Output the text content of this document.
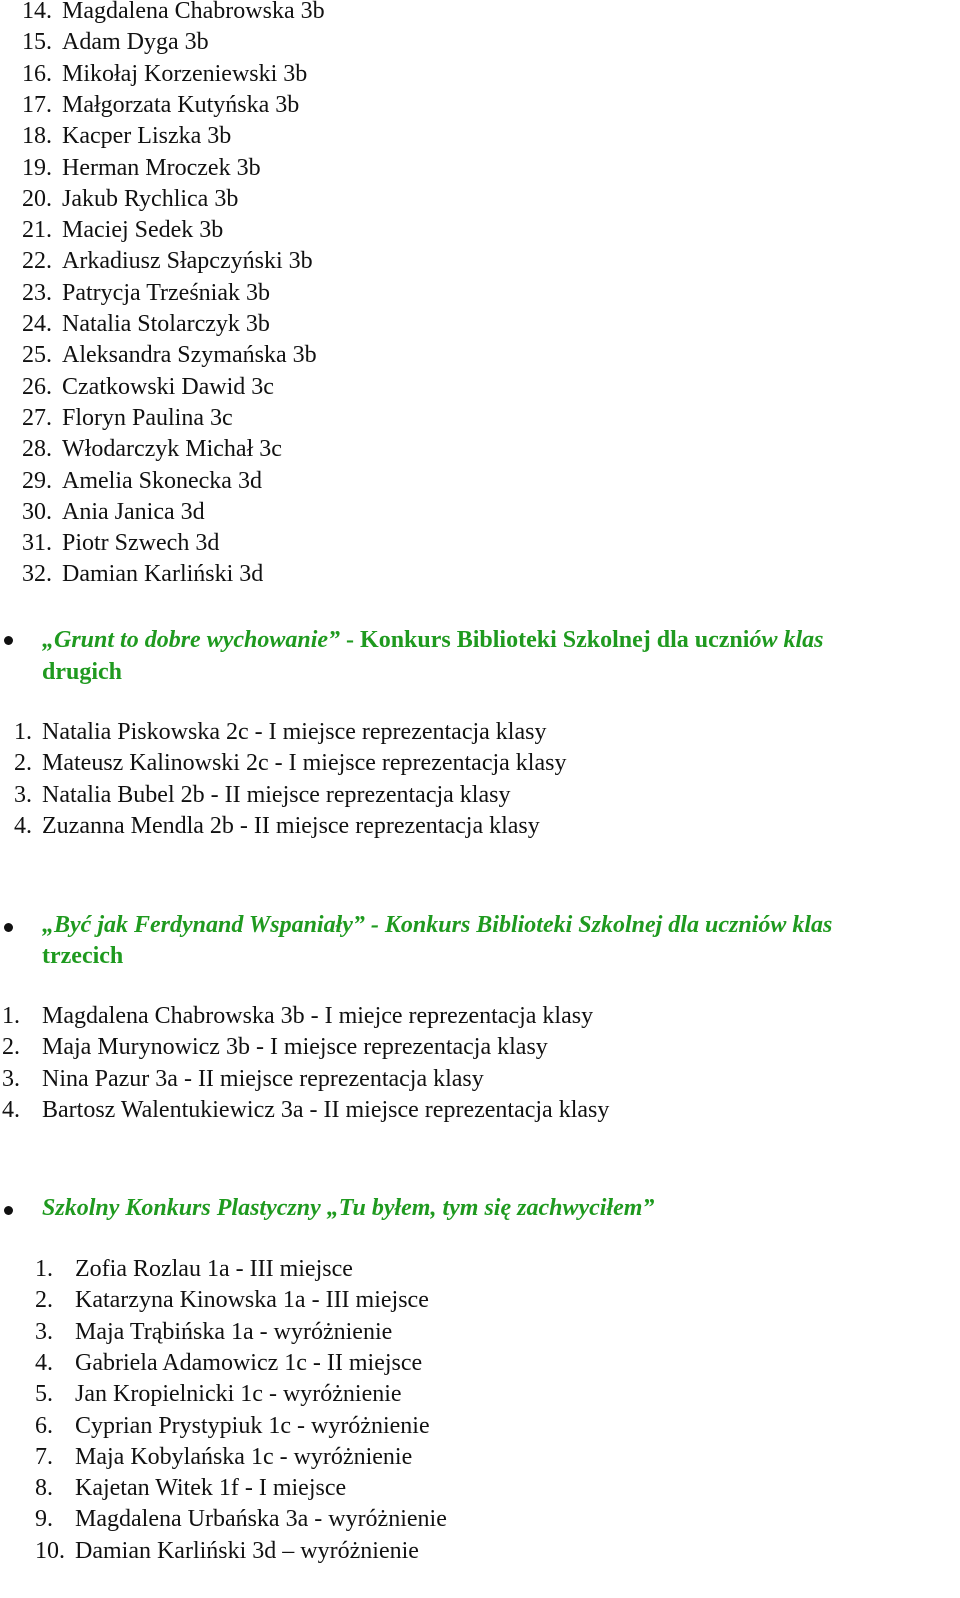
14. Magdalena Chabrowska 3b
15. Adam Dyga 3b
16. Mikołaj Korzeniewski 3b
17. Małgorzata Kutyńska 3b
18. Kacper Liszka 3b
19. Herman Mroczek 3b
20. Jakub Rychlica 3b
21. Maciej Sedek 3b
22. Arkadiusz Słapczyński 3b
23. Patrycja Trześniak 3b
24. Natalia Stolarczyk 3b
25. Aleksandra Szymańska 3b
26. Czatkowski Dawid 3c
27. Floryn Paulina 3c
28. Włodarczyk Michał 3c
29. Amelia Skonecka 3d
30. Ania Janica 3d
31. Piotr Szwech 3d
32. Damian Karliński 3d
„Grunt to dobre wychowanie” - Konkurs Biblioteki Szkolnej dla uczniów klas
drugich
1. Natalia Piskowska 2c - I miejsce reprezentacja klasy
2. Mateusz Kalinowski 2c - I miejsce reprezentacja klasy
3. Natalia Bubel 2b - II miejsce reprezentacja klasy
4. Zuzanna Mendla 2b - II miejsce reprezentacja klasy
„Być jak Ferdynand Wspaniały” - Konkurs Biblioteki Szkolnej dla uczniów klas
trzecich
1. Magdalena Chabrowska 3b - I miejce reprezentacja klasy
2. Maja Murynowicz 3b - I miejsce reprezentacja klasy
3. Nina Pazur 3a - II miejsce reprezentacja klasy
4. Bartosz Walentukiewicz 3a - II miejsce reprezentacja klasy
Szkolny Konkurs Plastyczny „Tu byłem, tym się zachwyciłem”
1. Zofia Rozlau 1a - III miejsce
2. Katarzyna Kinowska 1a - III miejsce
3. Maja Trąbińska 1a - wyróżnienie
4. Gabriela Adamowicz 1c - II miejsce
5. Jan Kropielnicki 1c - wyróżnienie
6. Cyprian Prystypiuk 1c - wyróżnienie
7. Maja Kobylańska 1c - wyróżnienie
8. Kajetan Witek 1f - I miejsce
9. Magdalena Urbańska 3a - wyróżnienie
10. Damian Karliński 3d – wyróżnienie
